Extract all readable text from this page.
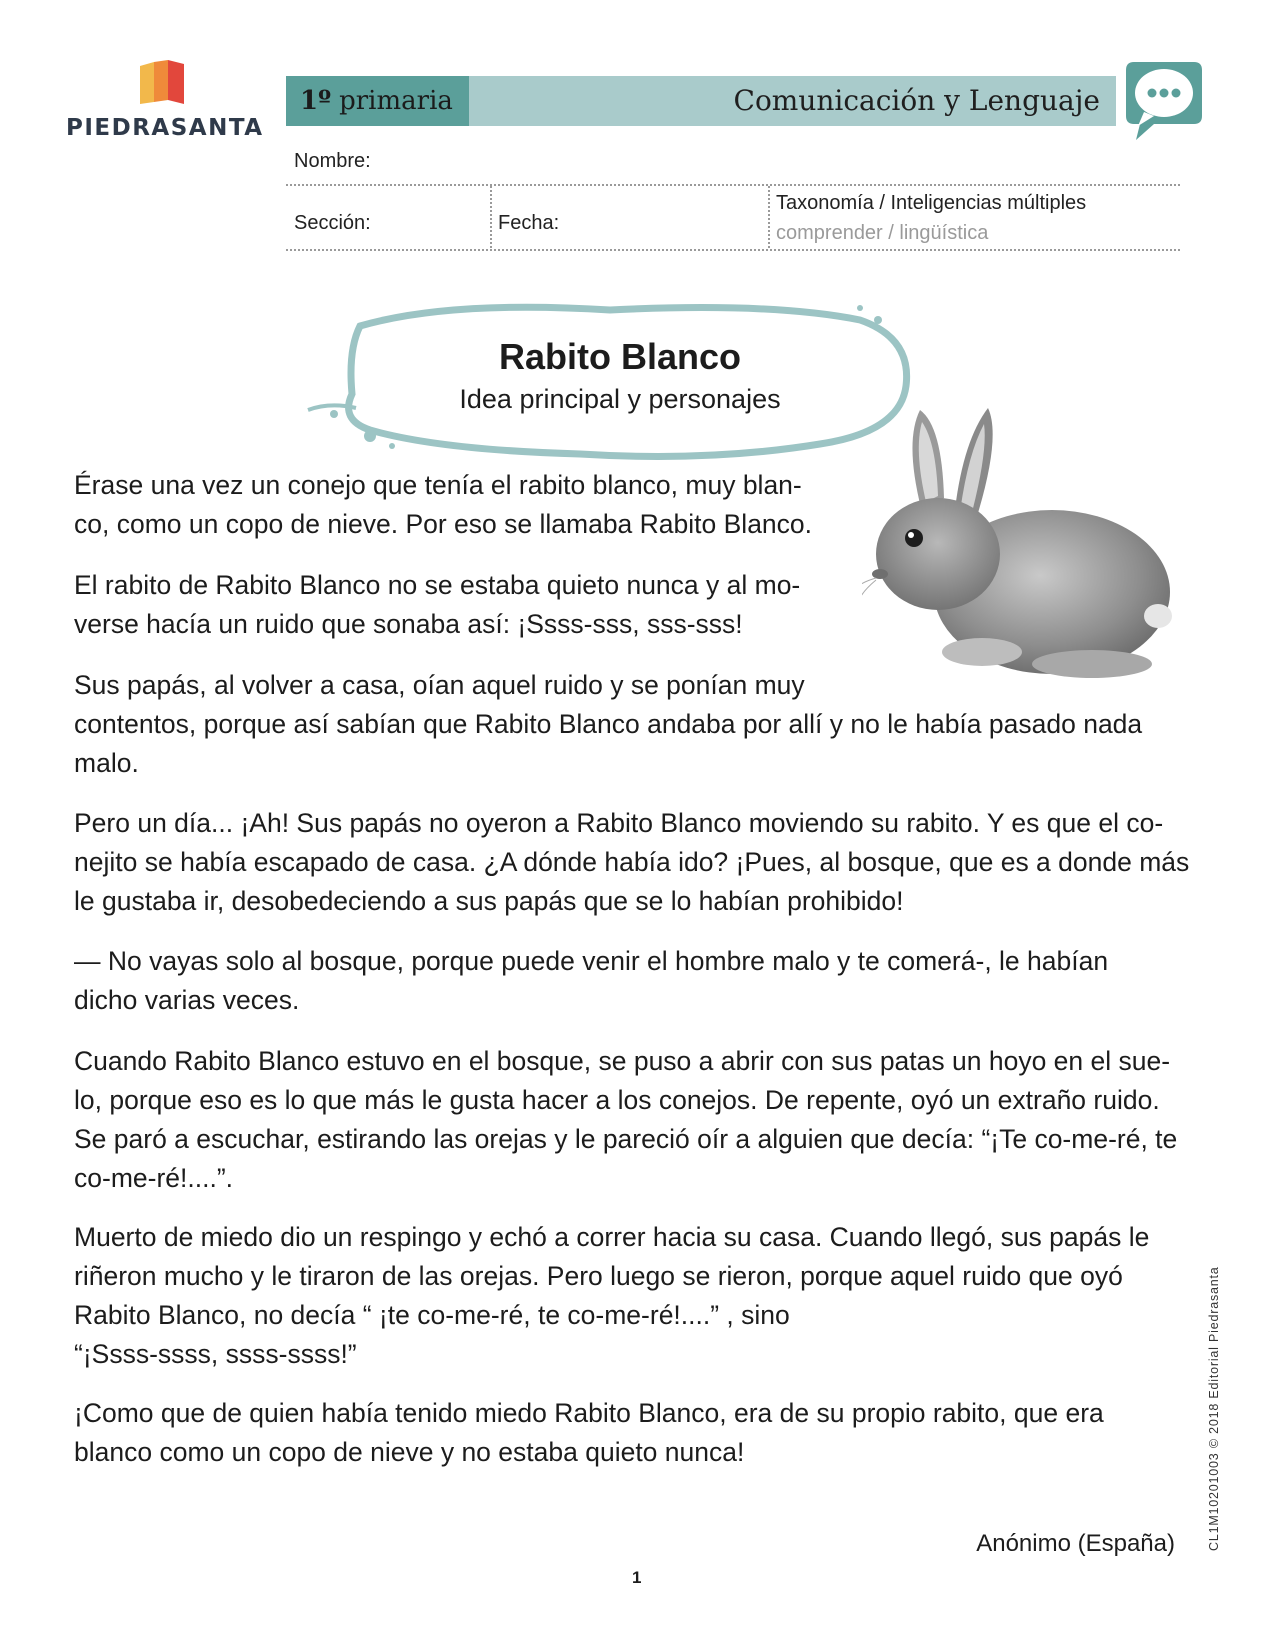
PIEDRASANTA
1º primaria	Comunicación y Lenguaje
Nombre:
Sección:	Fecha:
Taxonomía / Inteligencias múltiples
comprender / lingüística
Rabito Blanco
Idea principal y personajes
Érase una vez un conejo que tenía el rabito blanco, muy blan-
co, como un copo de nieve. Por eso se llamaba Rabito Blanco.
El rabito de Rabito Blanco no se estaba quieto nunca y al mo-
verse hacía un ruido que sonaba así: ¡Ssss-sss, sss-sss!
Sus papás, al volver a casa, oían aquel ruido y se ponían muy
contentos, porque así sabían que Rabito Blanco andaba por allí y no le había pasado nada
malo.
Pero un día... ¡Ah! Sus papás no oyeron a Rabito Blanco moviendo su rabito. Y es que el co-
nejito se había escapado de casa. ¿A dónde había ido? ¡Pues, al bosque, que es a donde más
le gustaba ir, desobedeciendo a sus papás que se lo habían prohibido!
— No vayas solo al bosque, porque puede venir el hombre malo y te comerá-, le habían
dicho varias veces.
Cuando Rabito Blanco estuvo en el bosque, se puso a abrir con sus patas un hoyo en el sue-
lo, porque eso es lo que más le gusta hacer a los conejos. De repente, oyó un extraño ruido.
Se paró a escuchar, estirando las orejas y le pareció oír a alguien que decía: “¡Te co-me-ré, te
co-me-ré!....”.
Muerto de miedo dio un respingo y echó a correr hacia su casa. Cuando llegó, sus papás le
riñeron mucho y le tiraron de las orejas. Pero luego se rieron, porque aquel ruido que oyó
Rabito Blanco, no decía “ ¡te co-me-ré, te co-me-ré!....” , sino
“¡Ssss-ssss, ssss-ssss!”
¡Como que de quien había tenido miedo Rabito Blanco, era de su propio rabito, que era
blanco como un copo de nieve y no estaba quieto nunca!
Anónimo (España)
1
CL1M10201003 © 2018 Editorial Piedrasanta
